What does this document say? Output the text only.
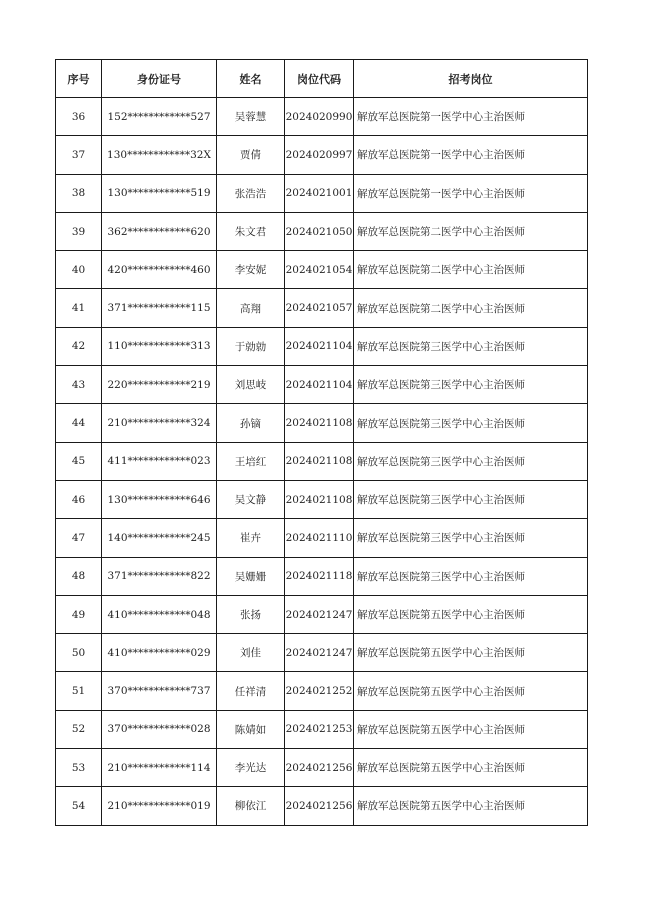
序号	身份证号	姓名	岗位代码	招考岗位
36	152************527	吴蓉慧	2024020990	解放军总医院第一医学中心主治医师
37	130************32X	贾倩	2024020997	解放军总医院第一医学中心主治医师
38	130************519	张浩浩	2024021001	解放军总医院第一医学中心主治医师
39	362************620	朱文君	2024021050	解放军总医院第二医学中心主治医师
40	420************460	李安妮	2024021054	解放军总医院第二医学中心主治医师
41	371************115	高翔	2024021057	解放军总医院第二医学中心主治医师
42	110************313	于勍勍	2024021104	解放军总医院第三医学中心主治医师
43	220************219	刘思岐	2024021104	解放军总医院第三医学中心主治医师
44	210************324	孙镝	2024021108	解放军总医院第三医学中心主治医师
45	411************023	王培红	2024021108	解放军总医院第三医学中心主治医师
46	130************646	吴文静	2024021108	解放军总医院第三医学中心主治医师
47	140************245	崔卉	2024021110	解放军总医院第三医学中心主治医师
48	371************822	吴姗姗	2024021118	解放军总医院第三医学中心主治医师
49	410************048	张扬	2024021247	解放军总医院第五医学中心主治医师
50	410************029	刘佳	2024021247	解放军总医院第五医学中心主治医师
51	370************737	任祥清	2024021252	解放军总医院第五医学中心主治医师
52	370************028	陈婧如	2024021253	解放军总医院第五医学中心主治医师
53	210************114	李光达	2024021256	解放军总医院第五医学中心主治医师
54	210************019	柳依江	2024021256	解放军总医院第五医学中心主治医师
